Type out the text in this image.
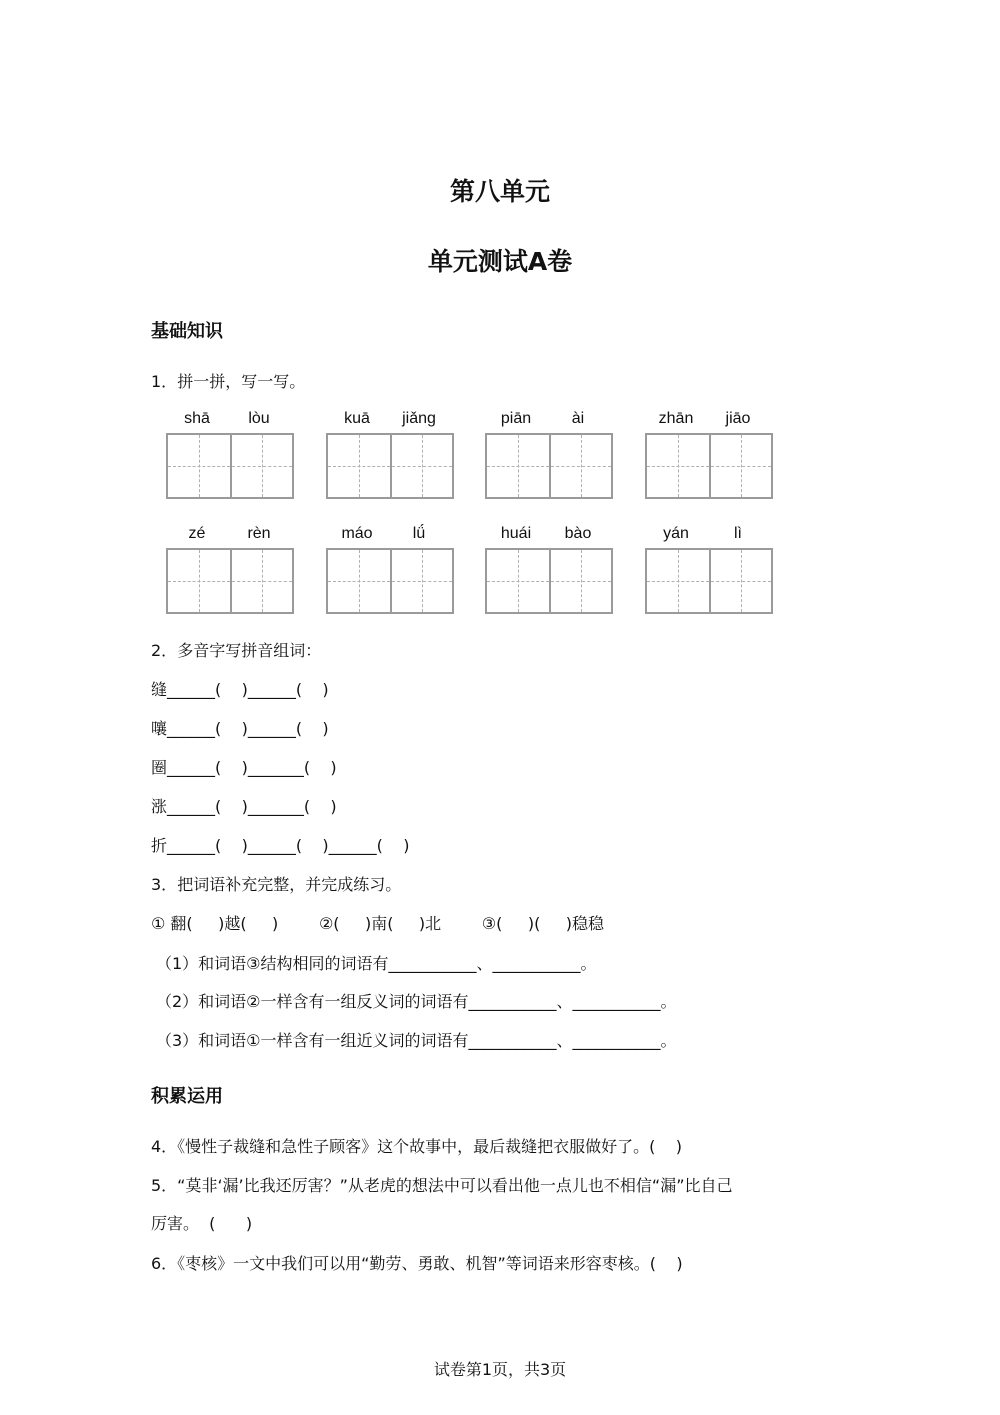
第八单元
单元测试A卷
基础知识
1．拼一拼，写一写。
shā	lòu	kuā	jiǎng	piān	ài	zhān	jiāo
zé	rèn	máo	lǘ	huái	bào	yán	lì
2．多音字写拼音组词：
缝______(    )______(    )
嚷______(    )______(    )
圈______(    )_______(    )
涨______(    )_______(    )
折______(    )______(    )______(    )
3．把词语补充完整，并完成练习。
① 翻(     )越(     )        ②(     )南(     )北        ③(     )(     )稳稳
（1）和词语③结构相同的词语有___________、___________。
（2）和词语②一样含有一组反义词的词语有___________、___________。
（3）和词语①一样含有一组近义词的词语有___________、___________。
积累运用
4．《慢性子裁缝和急性子顾客》这个故事中，最后裁缝把衣服做好了。(    )
5．“莫非‘漏’比我还厉害？”从老虎的想法中可以看出他一点儿也不相信“漏”比自己
厉害。  (      )
6．《枣核》一文中我们可以用“勤劳、勇敢、机智”等词语来形容枣核。(    )
试卷第1页，共3页
